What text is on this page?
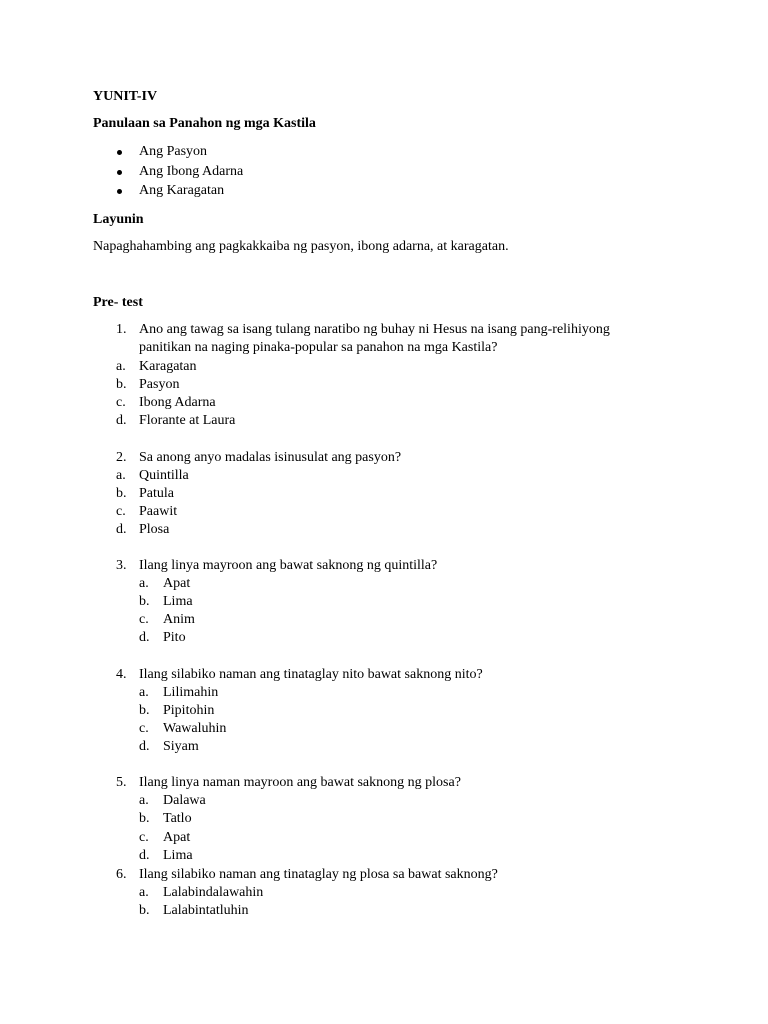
YUNIT-IV
Panulaan sa Panahon ng mga Kastila
Ang Pasyon
Ang Ibong Adarna
Ang Karagatan
Layunin
Napaghahambing ang pagkakkaiba ng pasyon, ibong adarna, at karagatan.
Pre- test
1. Ano ang tawag sa isang tulang naratibo ng buhay ni Hesus na isang pang-relihiyong
panitikan na naging pinaka-popular sa panahon na mga Kastila?
a. Karagatan
b. Pasyon
c. Ibong Adarna
d. Florante at Laura
2. Sa anong anyo madalas isinusulat ang pasyon?
a. Quintilla
b. Patula
c. Paawit
d. Plosa
3. Ilang linya mayroon ang bawat saknong ng quintilla?
a. Apat
b. Lima
c. Anim
d. Pito
4. Ilang silabiko naman ang tinataglay nito bawat saknong nito?
a. Lilimahin
b. Pipitohin
c. Wawaluhin
d. Siyam
5. Ilang linya naman mayroon ang bawat saknong ng plosa?
a. Dalawa
b. Tatlo
c. Apat
d. Lima
6. Ilang silabiko naman ang tinataglay ng plosa sa bawat saknong?
a. Lalabindalawahin
b. Lalabintatluhin
